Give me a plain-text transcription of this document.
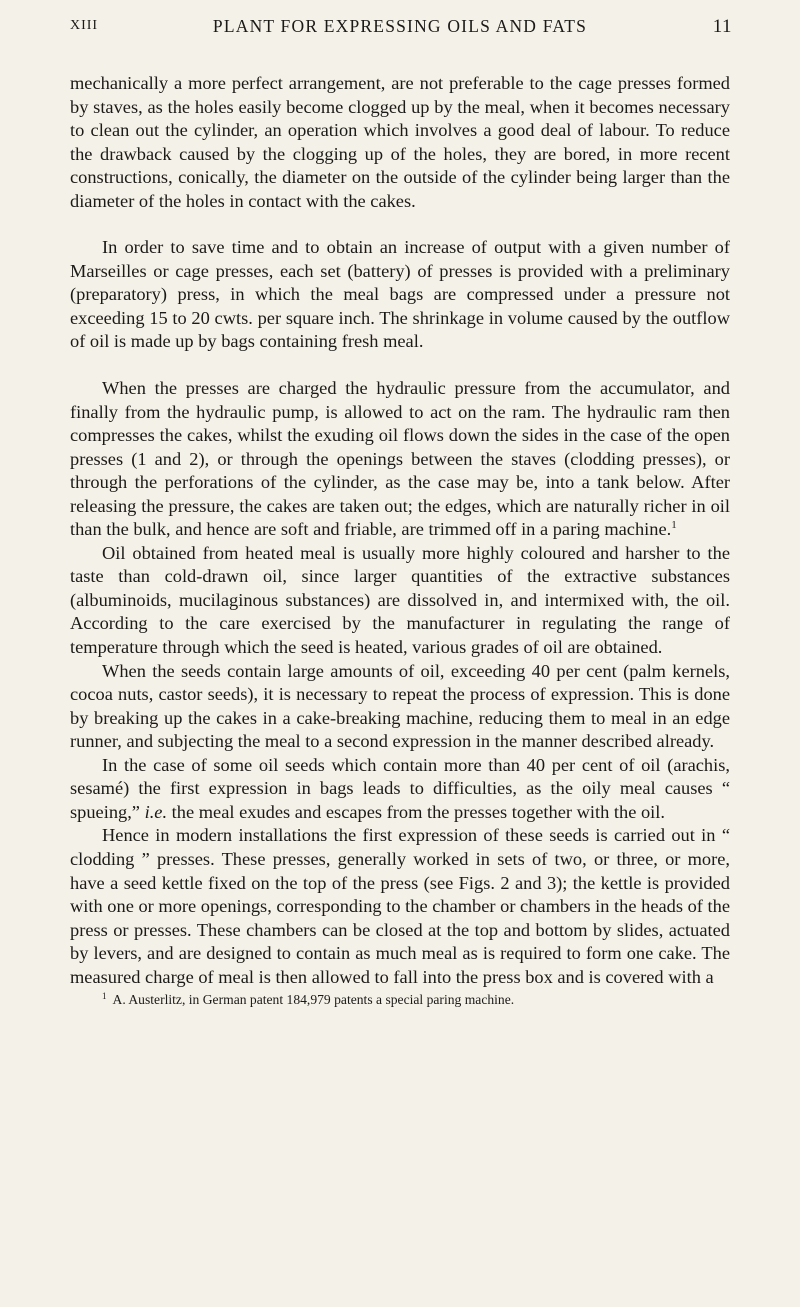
XIII	PLANT FOR EXPRESSING OILS AND FATS	11

mechanically a more perfect arrangement, are not preferable to the cage presses formed by staves, as the holes easily become clogged up by the meal, when it becomes necessary to clean out the cylinder, an operation which involves a good deal of labour. To reduce the drawback caused by the clogging up of the holes, they are bored, in more recent constructions, conically, the diameter on the outside of the cylinder being larger than the diameter of the holes in contact with the cakes.

In order to save time and to obtain an increase of output with a given number of Marseilles or cage presses, each set (battery) of presses is provided with a preliminary (preparatory) press, in which the meal bags are compressed under a pressure not exceeding 15 to 20 cwts. per square inch. The shrinkage in volume caused by the outflow of oil is made up by bags containing fresh meal.

When the presses are charged the hydraulic pressure from the accumulator, and finally from the hydraulic pump, is allowed to act on the ram. The hydraulic ram then compresses the cakes, whilst the exuding oil flows down the sides in the case of the open presses (1 and 2), or through the openings between the staves (clodding presses), or through the perforations of the cylinder, as the case may be, into a tank below. After releasing the pressure, the cakes are taken out; the edges, which are naturally richer in oil than the bulk, and hence are soft and friable, are trimmed off in a paring machine.$^1$

Oil obtained from heated meal is usually more highly coloured and harsher to the taste than cold-drawn oil, since larger quantities of the extractive substances (albuminoids, mucilaginous substances) are dissolved in, and intermixed with, the oil. According to the care exercised by the manufacturer in regulating the range of temperature through which the seed is heated, various grades of oil are obtained.

When the seeds contain large amounts of oil, exceeding 40 per cent (palm kernels, cocoa nuts, castor seeds), it is necessary to repeat the process of expression. This is done by breaking up the cakes in a cake-breaking machine, reducing them to meal in an edge runner, and subjecting the meal to a second expression in the manner described already.

In the case of some oil seeds which contain more than 40 per cent of oil (arachis, sesamé) the first expression in bags leads to difficulties, as the oily meal causes “ spueing,” i.e. the meal exudes and escapes from the presses together with the oil.

Hence in modern installations the first expression of these seeds is carried out in “ clodding ” presses. These presses, generally worked in sets of two, or three, or more, have a seed kettle fixed on the top of the press (see Figs. 2 and 3); the kettle is provided with one or more openings, corresponding to the chamber or chambers in the heads of the press or presses. These chambers can be closed at the top and bottom by slides, actuated by levers, and are designed to contain as much meal as is required to form one cake. The measured charge of meal is then allowed to fall into the press box and is covered with a

$^1$ A. Austerlitz, in German patent 184,979 patents a special paring machine.
